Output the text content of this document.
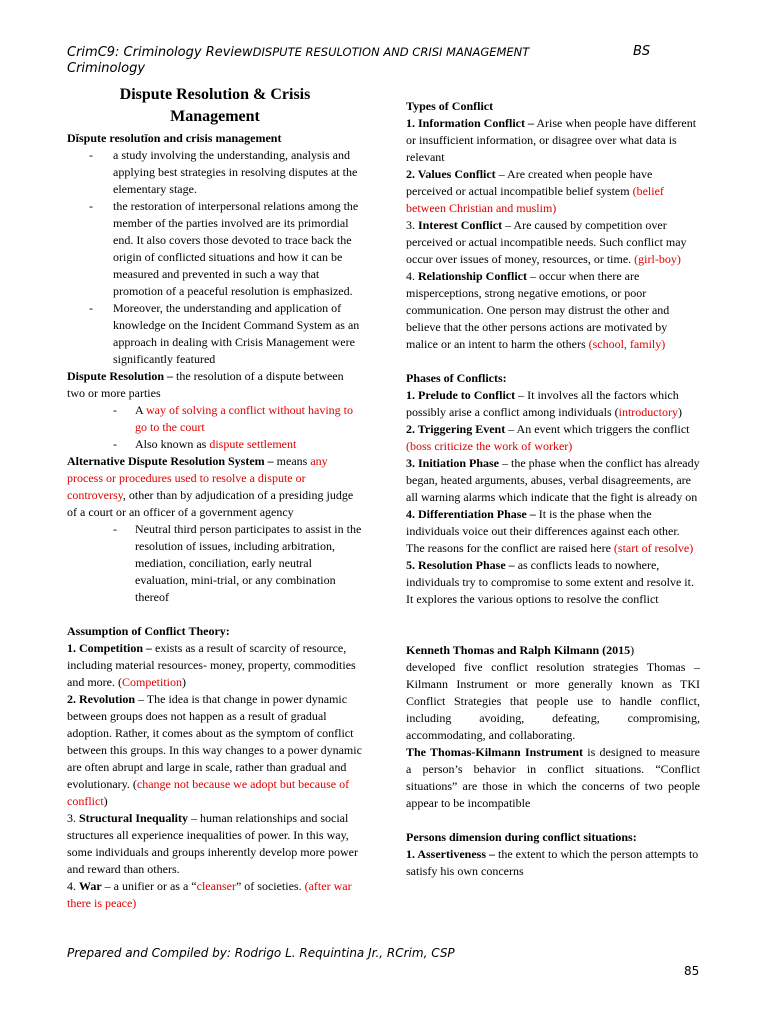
CrimC9: Criminology ReviewDISPUTE RESULOTION AND CRISI MANAGEMENT	BS

Criminology
Dispute Resolution & Crisis
Management

Dĭspute resolutĭon and crisis management

- a study involving the understanding, analysis and applying best strategies in resolving disputes at the elementary stage.
- the restoration of interpersonal relations among the member of the parties involved are its primordial end. It also covers those devoted to trace back the origin of conflicted situations and how it can be measured and prevented in such a way that promotion of a peaceful resolution is emphasized.
- Moreover, the understanding and application of knowledge on the Incident Command System as an approach in dealing with Crisis Management were significantly featured

Dispute Resolution – the resolution of a dispute between two or more parties

- A way of solving a conflict without having to go to the court
- Also known as dispute settlement

Alternative Dispute Resolution System – means any process or procedures used to resolve a dispute or controversy, other than by adjudication of a presiding judge of a court or an officer of a government agency

- Neutral third person participates to assist in the resolution of issues, including arbitration, mediation, conciliation, early neutral evaluation, mini-trial, or any combination thereof

Assumption of Conflict Theory:

1. Competition – exists as a result of scarcity of resource, including material resources- money, property, commodities and more. (Competition)

2. Revolution – The idea is that change in power dynamic between groups does not happen as a result of gradual adoption. Rather, it comes about as the symptom of conflict between this groups. In this way changes to a power dynamic are often abrupt and large in scale, rather than gradual and evolutionary. (change not because we adopt but because of conflict)

3. Structural Inequality – human relationships and social structures all experience inequalities of power. In this way, some individuals and groups inherently develop more power and reward than others.

4. War – a unifier or as a “cleanser” of societies. (after war there is peace)

Types of Conflict

1. Information Conflict – Arise when people have different or insufficient information, or disagree over what data is relevant

2. Values Conflict – Are created when people have perceived or actual incompatible belief system (belief between Christian and muslim)

3. Interest Conflict – Are caused by competition over perceived or actual incompatible needs. Such conflict may occur over issues of money, resources, or time. (girl-boy)

4. Relationship Conflict – occur when there are misperceptions, strong negative emotions, or poor communication. One person may distrust the other and believe that the other persons actions are motivated by malice or an intent to harm the others (school, family)

Phases of Conflicts:

1. Prelude to Conflict – It involves all the factors which possibly arise a conflict among individuals (introductory)

2. Triggering Event – An event which triggers the conflict (boss criticize the work of worker)

3. Initiation Phase – the phase when the conflict has already began, heated arguments, abuses, verbal disagreements, are all warning alarms which indicate that the fight is already on

4. Differentiation Phase – It is the phase when the individuals voice out their differences against each other. The reasons for the conflict are raised here (start of resolve)

5. Resolution Phase – as conflicts leads to nowhere, individuals try to compromise to some extent and resolve it. It explores the various options to resolve the conflict

Kenneth Thomas and Ralph Kilmann (2015)

developed five conflict resolution strategies Thomas – Kilmann Instrument or more generally known as TKI Conflict Strategies that people use to handle conflict, including avoiding, defeating, compromising, accommodating, and collaborating.

The Thomas-Kilmann Instrument is designed to measure a person’s behavior in conflict situations. “Conflict situations” are those in which the concerns of two people appear to be incompatible

Persons dimension during conflict situations:

1. Assertiveness – the extent to which the person attempts to satisfy his own concerns

Prepared and Compiled by: Rodrigo L. Requintina Jr., RCrim, CSP
85
